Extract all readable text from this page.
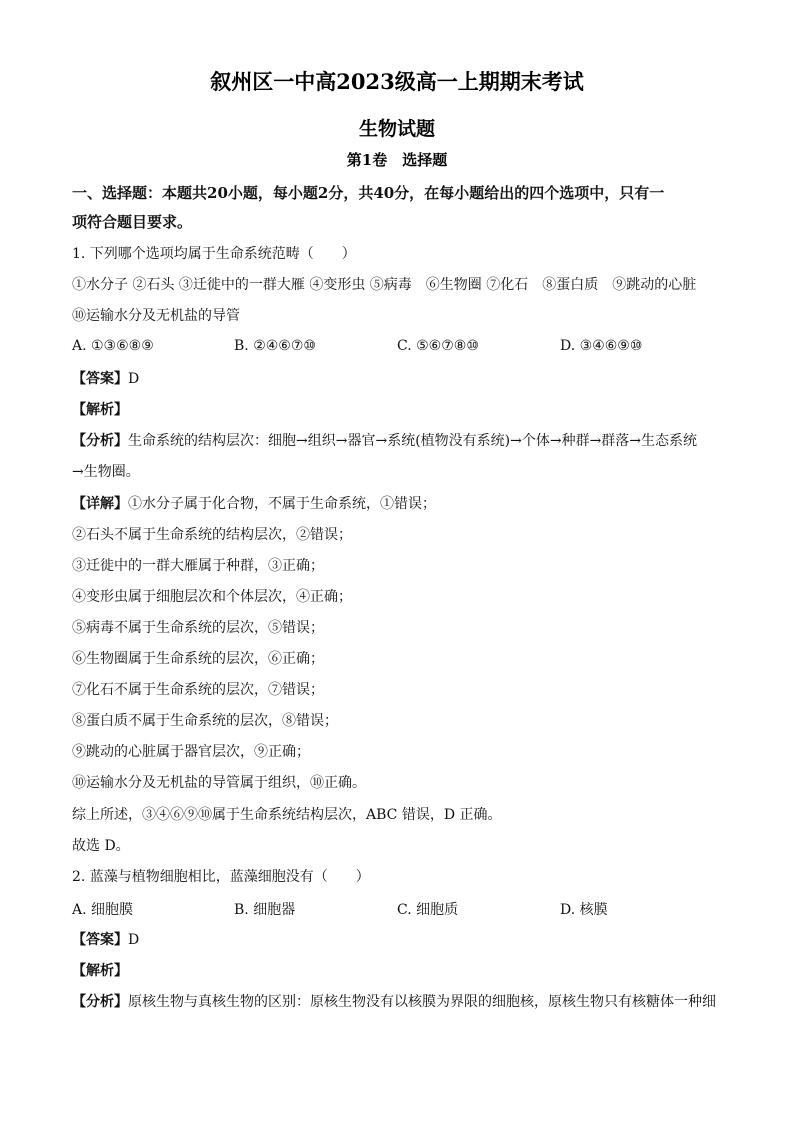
叙州区一中高2023级高一上期期末考试
生物试题
第1卷　选择题
一、选择题：本题共20小题，每小题2分，共40分，在每小题给出的四个选项中，只有一
项符合题目要求。
1. 下列哪个选项均属于生命系统范畴（　　）
①水分子 ②石头 ③迁徙中的一群大雁 ④变形虫 ⑤病毒　⑥生物圈 ⑦化石　⑧蛋白质　⑨跳动的心脏
⑩运输水分及无机盐的导管
A. ①③⑥⑧⑨	B. ②④⑥⑦⑩	C. ⑤⑥⑦⑧⑩	D. ③④⑥⑨⑩
【答案】D
【解析】
【分析】生命系统的结构层次：细胞→组织→器官→系统(植物没有系统)→个体→种群→群落→生态系统
→生物圈。
【详解】①水分子属于化合物，不属于生命系统，①错误；
②石头不属于生命系统的结构层次，②错误；
③迁徙中的一群大雁属于种群，③正确；
④变形虫属于细胞层次和个体层次，④正确；
⑤病毒不属于生命系统的层次，⑤错误；
⑥生物圈属于生命系统的层次，⑥正确；
⑦化石不属于生命系统的层次，⑦错误；
⑧蛋白质不属于生命系统的层次，⑧错误；
⑨跳动的心脏属于器官层次，⑨正确；
⑩运输水分及无机盐的导管属于组织，⑩正确。
综上所述，③④⑥⑨⑩属于生命系统结构层次，ABC 错误，D 正确。
故选 D。
2. 蓝藻与植物细胞相比，蓝藻细胞没有（　　）
A. 细胞膜	B. 细胞器	C. 细胞质	D. 核膜
【答案】D
【解析】
【分析】原核生物与真核生物的区别：原核生物没有以核膜为界限的细胞核，原核生物只有核糖体一种细
